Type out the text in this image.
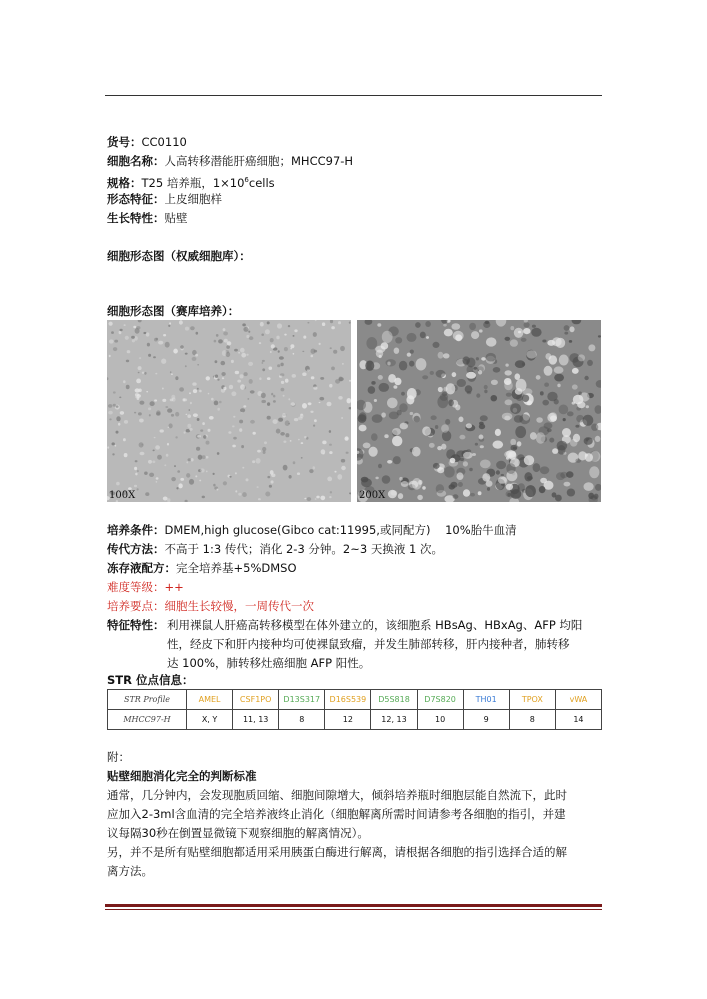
货号：CC0110
细胞名称：人高转移潜能肝癌细胞；MHCC97-H
规格：T25 培养瓶，$1\times 10^6cells$
形态特征：上皮细胞样
生长特性：贴壁
细胞形态图（权威细胞库）：
细胞形态图（赛库培养）：
100X	200X
培养条件：DMEM,high glucose(Gibco cat:11995,或同配方)    10%胎牛血清
传代方法：不高于 1:3 传代；消化 2-3 分钟。2~3 天换液 1 次。
冻存液配方：完全培养基+5%DMSO
难度等级：++
培养要点：细胞生长较慢，一周传代一次
特征特性： 利用裸鼠人肝癌高转移模型在体外建立的，该细胞系 HBsAg、HBxAg、AFP 均阳
性，经皮下和肝内接种均可使裸鼠致瘤，并发生肺部转移，肝内接种者，肺转移
达 100%，肺转移灶癌细胞 AFP 阳性。
STR 位点信息：
STR Profile	AMEL	CSF1PO	D13S317	D16S539	D5S818	D7S820	TH01	TPOX	vWA
MHCC97-H	X, Y	11, 13	8	12	12, 13	10	9	8	14
附：
贴壁细胞消化完全的判断标准
通常，几分钟内，会发现胞质回缩、细胞间隙增大，倾斜培养瓶时细胞层能自然流下，此时
应加入2-3ml含血清的完全培养液终止消化（细胞解离所需时间请参考各细胞的指引，并建
议每隔30秒在倒置显微镜下观察细胞的解离情况）。
另，并不是所有贴壁细胞都适用采用胰蛋白酶进行解离，请根据各细胞的指引选择合适的解
离方法。
